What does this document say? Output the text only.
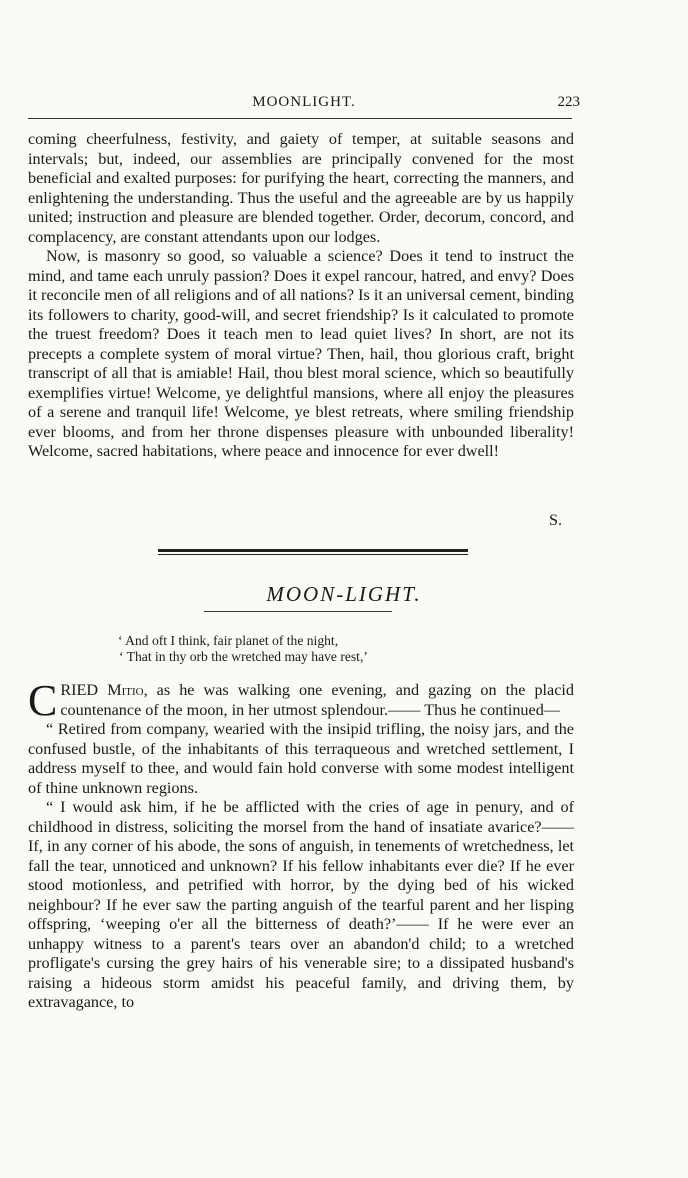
MOONLIGHT.	223

coming cheerfulness, festivity, and gaiety of temper, at suitable seasons and intervals; but, indeed, our assemblies are principally convened for the most beneficial and exalted purposes: for purifying the heart, correcting the manners, and enlightening the understanding. Thus the useful and the agreeable are by us happily united; instruction and pleasure are blended together. Order, decorum, concord, and complacency, are constant attendants upon our lodges.

Now, is masonry so good, so valuable a science? Does it tend to instruct the mind, and tame each unruly passion? Does it expel rancour, hatred, and envy? Does it reconcile men of all religions and of all nations? Is it an universal cement, binding its followers to charity, good-will, and secret friendship? Is it calculated to promote the truest freedom? Does it teach men to lead quiet lives? In short, are not its precepts a complete system of moral virtue? Then, hail, thou glorious craft, bright transcript of all that is amiable! Hail, thou blest moral science, which so beautifully exemplifies virtue! Welcome, ye delightful mansions, where all enjoy the pleasures of a serene and tranquil life! Welcome, ye blest retreats, where smiling friendship ever blooms, and from her throne dispenses pleasure with unbounded liberality! Welcome, sacred habitations, where peace and innocence for ever dwell!

S.
MOON-LIGHT.
‘ And oft I think, fair planet of the night,
‘ That in thy orb the wretched may have rest,’

CRIED Mitio, as he was walking one evening, and gazing on the placid countenance of the moon, in her utmost splendour.—— Thus he continued—

“ Retired from company, wearied with the insipid trifling, the noisy jars, and the confused bustle, of the inhabitants of this terraqueous and wretched settlement, I address myself to thee, and would fain hold converse with some modest intelligent of thine unknown regions.

“ I would ask him, if he be afflicted with the cries of age in penury, and of childhood in distress, soliciting the morsel from the hand of insatiate avarice?——If, in any corner of his abode, the sons of anguish, in tenements of wretchedness, let fall the tear, unnoticed and unknown? If his fellow inhabitants ever die? If he ever stood motionless, and petrified with horror, by the dying bed of his wicked neighbour? If he ever saw the parting anguish of the tearful parent and her lisping offspring, ‘weeping o'er all the bitterness of death?’—— If he were ever an unhappy witness to a parent's tears over an abandon'd child; to a wretched profligate's cursing the grey hairs of his venerable sire; to a dissipated husband's raising a hideous storm amidst his peaceful family, and driving them, by extravagance, to
